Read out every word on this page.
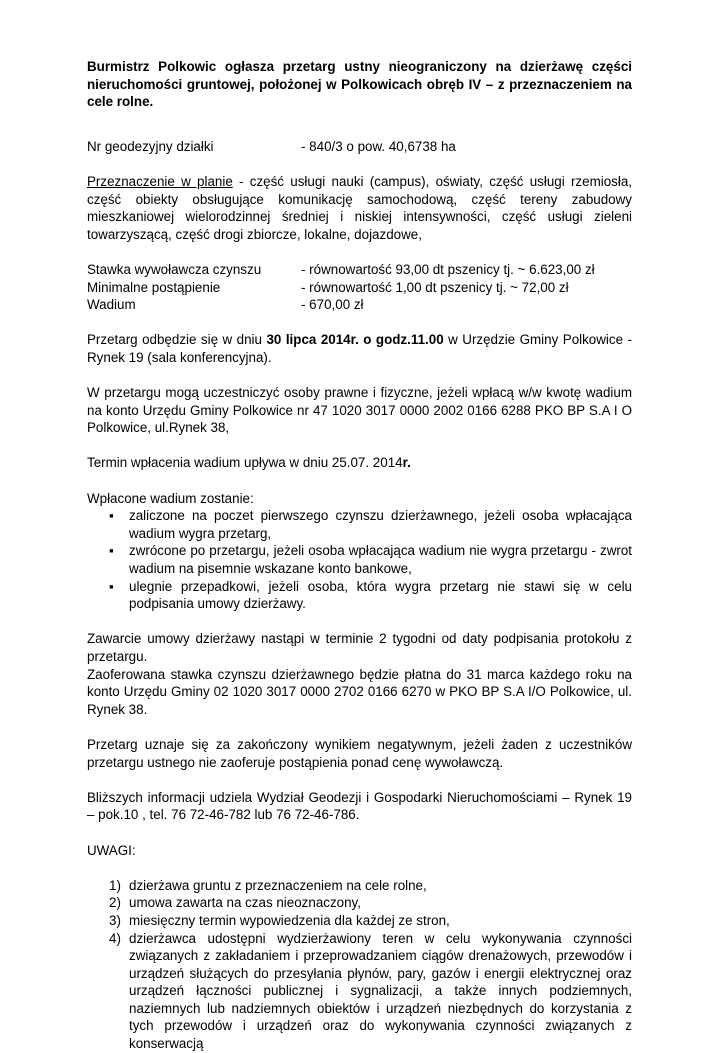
Burmistrz Polkowic ogłasza przetarg ustny nieograniczony na dzierżawę części nieruchomości gruntowej, położonej w Polkowicach obręb IV – z przeznaczeniem na cele rolne.

Nr geodezyjny działki	- 840/3 o pow. 40,6738 ha

Przeznaczenie w planie - część usługi nauki (campus), oświaty, część usługi rzemiosła, część obiekty obsługujące komunikację samochodową, część tereny zabudowy mieszkaniowej wielorodzinnej średniej i niskiej intensywności, część usługi zieleni towarzyszącą, część drogi zbiorcze, lokalne, dojazdowe,

Stawka wywoławcza czynszu	- równowartość 93,00 dt pszenicy tj. ~ 6.623,00 zł
Minimalne postąpienie	- równowartość 1,00 dt pszenicy tj. ~ 72,00 zł
Wadium	- 670,00 zł

Przetarg odbędzie się w dniu 30 lipca 2014r. o godz.11.00 w Urzędzie Gminy Polkowice - Rynek 19 (sala konferencyjna).

W przetargu mogą uczestniczyć osoby prawne i fizyczne, jeżeli wpłacą w/w kwotę wadium na konto Urzędu Gminy Polkowice nr 47 1020 3017 0000 2002 0166 6288 PKO BP S.A I O Polkowice, ul.Rynek 38,

Termin wpłacenia wadium upływa w dniu 25.07. 2014r.

Wpłacone wadium zostanie:

▪ zaliczone na poczet pierwszego czynszu dzierżawnego, jeżeli osoba wpłacająca wadium wygra przetarg,
▪ zwrócone po przetargu, jeżeli osoba wpłacająca wadium nie wygra przetargu - zwrot wadium na pisemnie wskazane konto bankowe,
▪ ulegnie przepadkowi, jeżeli osoba, która wygra przetarg nie stawi się w celu podpisania umowy dzierżawy.

Zawarcie umowy dzierżawy nastąpi w terminie 2 tygodni od daty podpisania protokołu z przetargu.

Zaoferowana stawka czynszu dzierżawnego będzie płatna do 31 marca każdego roku na konto Urzędu Gminy 02 1020 3017 0000 2702 0166 6270 w PKO BP S.A I/O Polkowice, ul. Rynek 38.

Przetarg uznaje się za zakończony wynikiem negatywnym, jeżeli żaden z uczestników przetargu ustnego nie zaoferuje postąpienia ponad cenę wywoławczą.

Bliższych informacji udziela Wydział Geodezji i Gospodarki Nieruchomościami – Rynek 19 – pok.10 , tel. 76 72-46-782 lub 76 72-46-786.

UWAGI:

1) dzierżawa gruntu z przeznaczeniem na cele rolne,
2) umowa zawarta na czas nieoznaczony,
3) miesięczny termin wypowiedzenia dla każdej ze stron,
4) dzierżawca udostępni wydzierżawiony teren w celu wykonywania czynności związanych z zakładaniem i przeprowadzaniem ciągów drenażowych, przewodów i urządzeń służących do przesyłania płynów, pary, gazów i energii elektrycznej oraz urządzeń łączności publicznej i sygnalizacji, a także innych podziemnych, naziemnych lub nadziemnych obiektów i urządzeń niezbędnych do korzystania z tych przewodów i urządzeń oraz do wykonywania czynności związanych z konserwacją
